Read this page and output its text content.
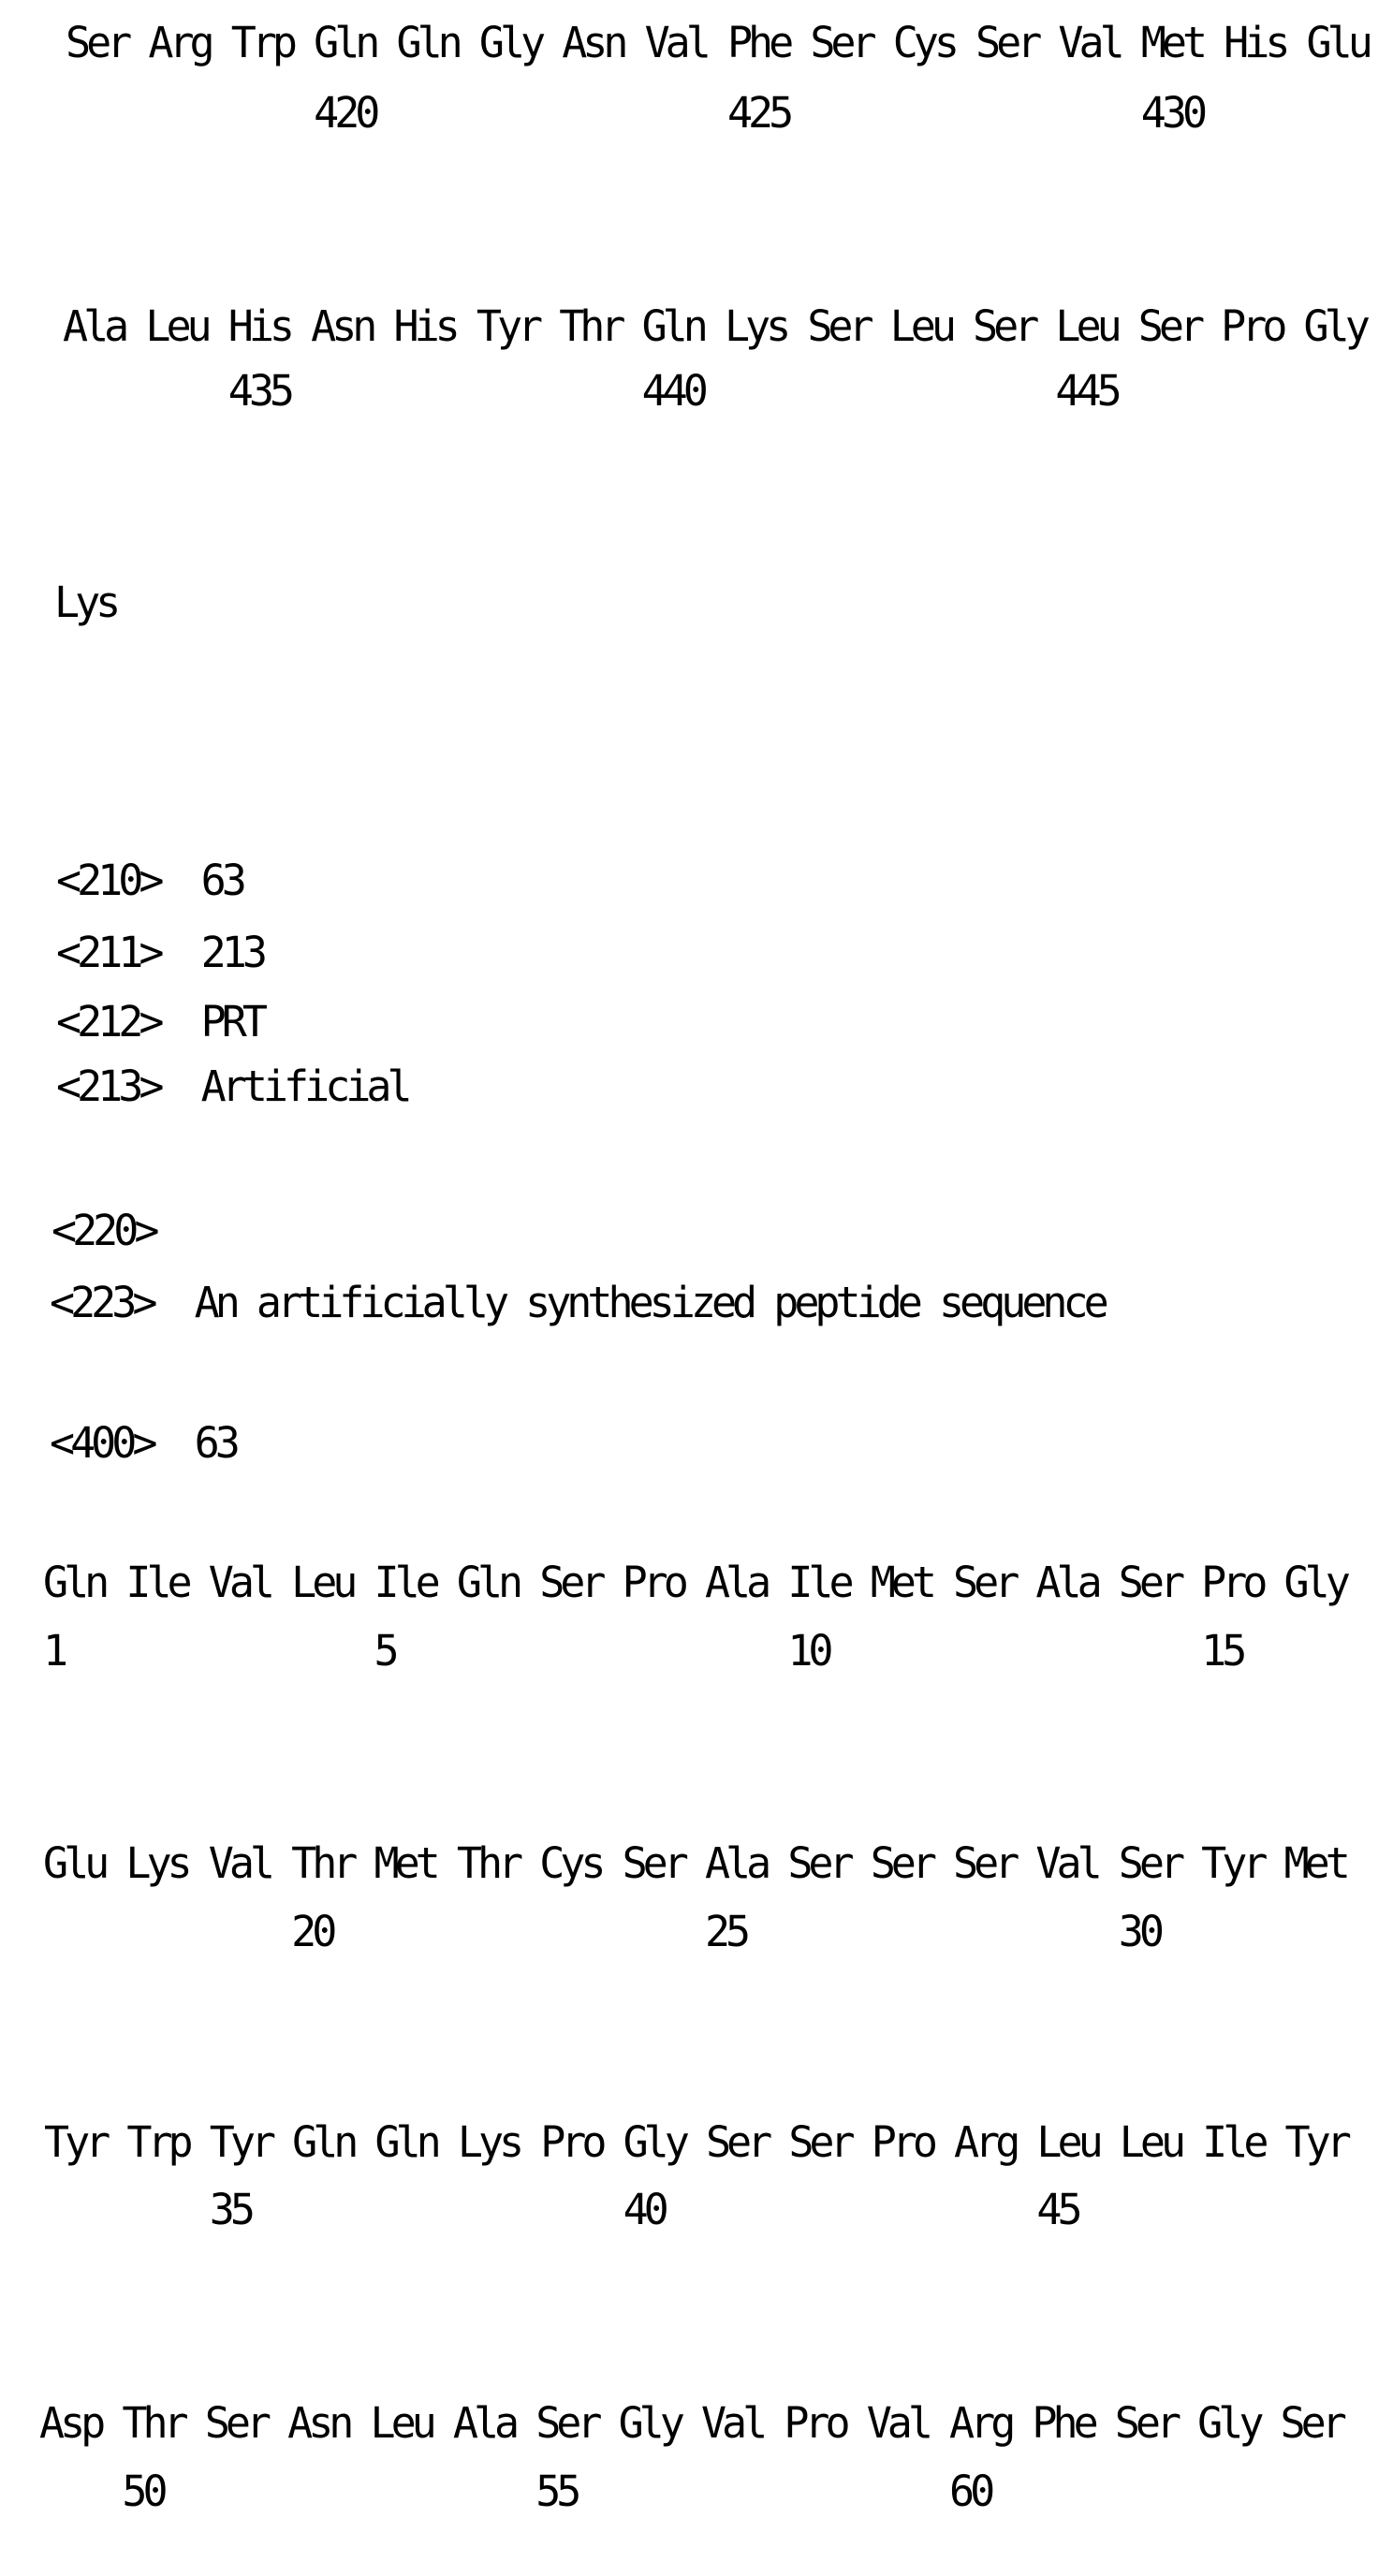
Ser Arg Trp Gln Gln Gly Asn Val Phe Ser Cys Ser Val Met His Glu
420                 425                 430
Ala Leu His Asn His Tyr Thr Gln Lys Ser Leu Ser Leu Ser Pro Gly
435                 440                 445
Lys
<210>  63
<211>  213
<212>  PRT
<213>  Artificial
<220>
<223>  An artificially synthesized peptide sequence
<400>  63
Gln Ile Val Leu Ile Gln Ser Pro Ala Ile Met Ser Ala Ser Pro Gly
1               5                   10                  15
Glu Lys Val Thr Met Thr Cys Ser Ala Ser Ser Ser Val Ser Tyr Met
20                  25                  30
Tyr Trp Tyr Gln Gln Lys Pro Gly Ser Ser Pro Arg Leu Leu Ile Tyr
35                  40                  45
Asp Thr Ser Asn Leu Ala Ser Gly Val Pro Val Arg Phe Ser Gly Ser
50                  55                  60
